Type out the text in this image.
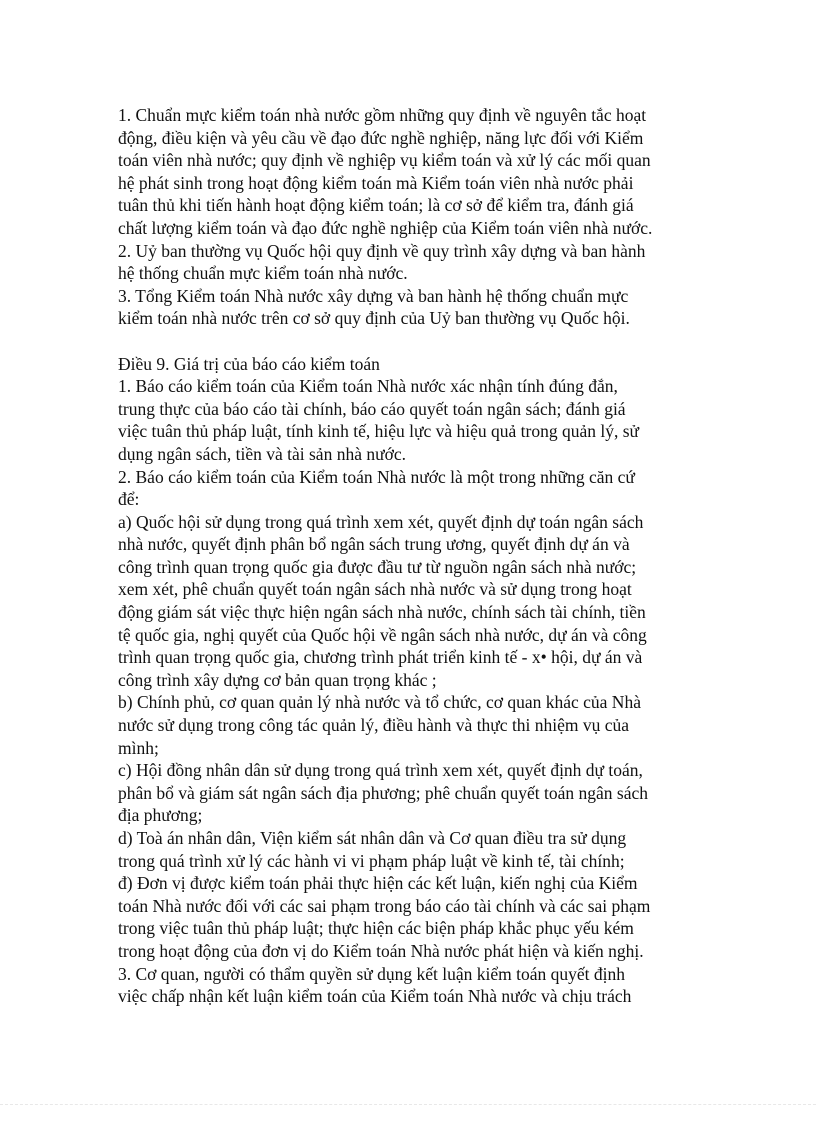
1. Chuẩn mực kiểm toán nhà nước gồm những quy định về nguyên tắc hoạt
động, điều kiện và yêu cầu về đạo đức nghề nghiệp, năng lực đối với Kiểm
toán viên nhà nước; quy định về nghiệp vụ kiểm toán và xử lý các mối quan
hệ phát sinh trong hoạt động kiểm toán mà Kiểm toán viên nhà nước phải
tuân thủ khi tiến hành hoạt động kiểm toán; là cơ sở để kiểm tra, đánh giá
chất lượng kiểm toán và đạo đức nghề nghiệp của Kiểm toán viên nhà nước.
2. Uỷ ban thường vụ Quốc hội quy định về quy trình xây dựng và ban hành
hệ thống chuẩn mực kiểm toán nhà nước.
3. Tổng Kiểm toán Nhà nước xây dựng và ban hành hệ thống chuẩn mực
kiểm toán nhà nước trên cơ sở quy định của Uỷ ban thường vụ Quốc hội.
Điều 9. Giá trị của báo cáo kiểm toán
1. Báo cáo kiểm toán của Kiểm toán Nhà nước xác nhận tính đúng đắn,
trung thực của báo cáo tài chính, báo cáo quyết toán ngân sách; đánh giá
việc tuân thủ pháp luật, tính kinh tế, hiệu lực và hiệu quả trong quản lý, sử
dụng ngân sách, tiền và tài sản nhà nước.
2. Báo cáo kiểm toán của Kiểm toán Nhà nước là một trong những căn cứ
để:
a) Quốc hội sử dụng trong quá trình xem xét, quyết định dự toán ngân sách
nhà nước, quyết định phân bổ ngân sách trung ương, quyết định dự án và
công trình quan trọng quốc gia được đầu tư từ nguồn ngân sách nhà nước;
xem xét, phê chuẩn quyết toán ngân sách nhà nước và sử dụng trong hoạt
động giám sát việc thực hiện ngân sách nhà nước, chính sách tài chính, tiền
tệ quốc gia, nghị quyết của Quốc hội về ngân sách nhà nước, dự án và công
trình quan trọng quốc gia, chương trình phát triển kinh tế - x• hội, dự án và
công trình xây dựng cơ bản quan trọng khác ;
b) Chính phủ, cơ quan quản lý nhà nước và tổ chức, cơ quan khác của Nhà
nước sử dụng trong công tác quản lý, điều hành và thực thi nhiệm vụ của
mình;
c) Hội đồng nhân dân sử dụng trong quá trình xem xét, quyết định dự toán,
phân bổ và giám sát ngân sách địa phương; phê chuẩn quyết toán ngân sách
địa phương;
d) Toà án nhân dân, Viện kiểm sát nhân dân và Cơ quan điều tra sử dụng
trong quá trình xử lý các hành vi vi phạm pháp luật về kinh tế, tài chính;
đ) Đơn vị được kiểm toán phải thực hiện các kết luận, kiến nghị của Kiểm
toán Nhà nước đối với các sai phạm trong báo cáo tài chính và các sai phạm
trong việc tuân thủ pháp luật; thực hiện các biện pháp khắc phục yếu kém
trong hoạt động của đơn vị do Kiểm toán Nhà nước phát hiện và kiến nghị.
3. Cơ quan, người có thẩm quyền sử dụng kết luận kiểm toán quyết định
việc chấp nhận kết luận kiểm toán của Kiểm toán Nhà nước và chịu trách
